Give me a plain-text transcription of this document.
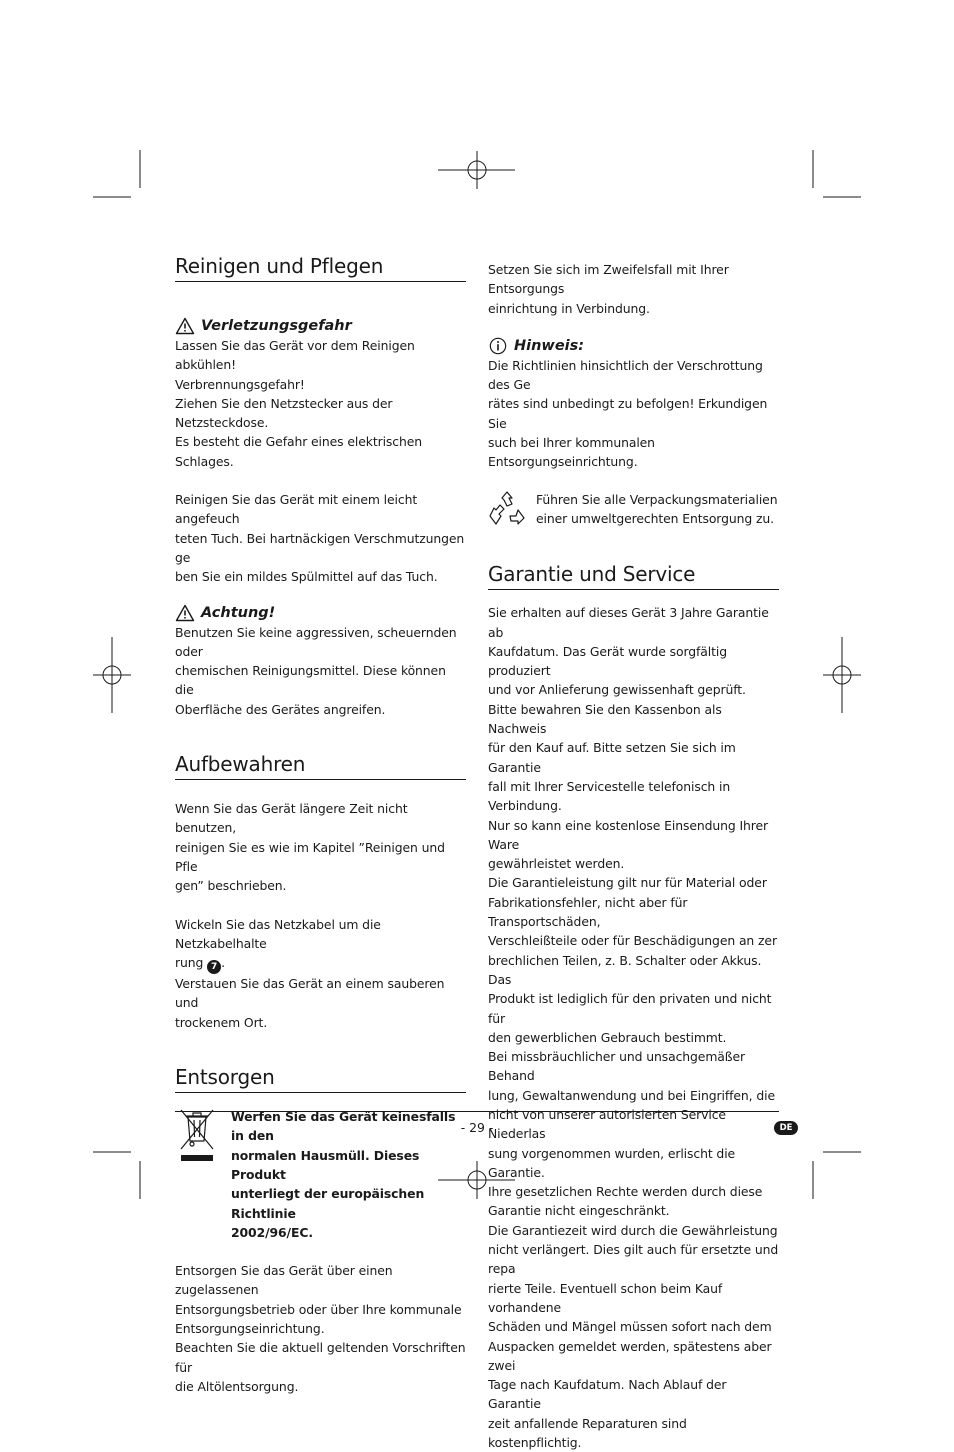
Reinigen und Pflegen
Verletzungsgefahr

Lassen Sie das Gerät vor dem Reinigen abkühlen!
Verbrennungsgefahr!
Ziehen Sie den Netzstecker aus der Netzsteckdose.
Es besteht die Gefahr eines elektrischen Schlages.

Reinigen Sie das Gerät mit einem leicht angefeuch
teten Tuch. Bei hartnäckigen Verschmutzungen ge
ben Sie ein mildes Spülmittel auf das Tuch.

Achtung!

Benutzen Sie keine aggressiven, scheuernden oder
chemischen Reinigungsmittel. Diese können die
Oberfläche des Gerätes angreifen.

Aufbewahren

Wenn Sie das Gerät längere Zeit nicht benutzen,
reinigen Sie es wie im Kapitel ”Reinigen und Pfle
gen” beschrieben.

Wickeln Sie das Netzkabel um die Netzkabelhalte
rung 7 .

Verstauen Sie das Gerät an einem sauberen und
trockenem Ort.

Entsorgen

Werfen Sie das Gerät keinesfalls in den
normalen Hausmüll. Dieses Produkt
unterliegt der europäischen Richtlinie
2002/96/EC.

Entsorgen Sie das Gerät über einen zugelassenen
Entsorgungsbetrieb oder über Ihre kommunale
Entsorgungseinrichtung.
Beachten Sie die aktuell geltenden Vorschriften für
die Altölentsorgung.

Setzen Sie sich im Zweifelsfall mit Ihrer Entsorgungs
einrichtung in Verbindung.

Hinweis:

Die Richtlinien hinsichtlich der Verschrottung des Ge
rätes sind unbedingt zu befolgen! Erkundigen Sie
such bei Ihrer kommunalen Entsorgungseinrichtung.

Führen Sie alle Verpackungsmaterialien
einer umweltgerechten Entsorgung zu.

Garantie und Service

Sie erhalten auf dieses Gerät 3 Jahre Garantie ab
Kaufdatum. Das Gerät wurde sorgfältig produziert
und vor Anlieferung gewissenhaft geprüft.
Bitte bewahren Sie den Kassenbon als Nachweis
für den Kauf auf. Bitte setzen Sie sich im Garantie
fall mit Ihrer Servicestelle telefonisch in Verbindung.
Nur so kann eine kostenlose Einsendung Ihrer Ware
gewährleistet werden.
Die Garantieleistung gilt nur für Material oder
Fabrikationsfehler, nicht aber für Transportschäden,
Verschleißteile oder für Beschädigungen an zer
brechlichen Teilen, z. B. Schalter oder Akkus. Das
Produkt ist lediglich für den privaten und nicht für
den gewerblichen Gebrauch bestimmt.
Bei missbräuchlicher und unsachgemäßer Behand
lung, Gewaltanwendung und bei Eingriffen, die
nicht von unserer autorisierten Service Niederlas
sung vorgenommen wurden, erlischt die Garantie.
Ihre gesetzlichen Rechte werden durch diese
Garantie nicht eingeschränkt.
Die Garantiezeit wird durch die Gewährleistung
nicht verlängert. Dies gilt auch für ersetzte und repa
rierte Teile. Eventuell schon beim Kauf vorhandene
Schäden und Mängel müssen sofort nach dem
Auspacken gemeldet werden, spätestens aber zwei
Tage nach Kaufdatum. Nach Ablauf der Garantie
zeit anfallende Reparaturen sind kostenpflichtig.

- 29 -	DE
